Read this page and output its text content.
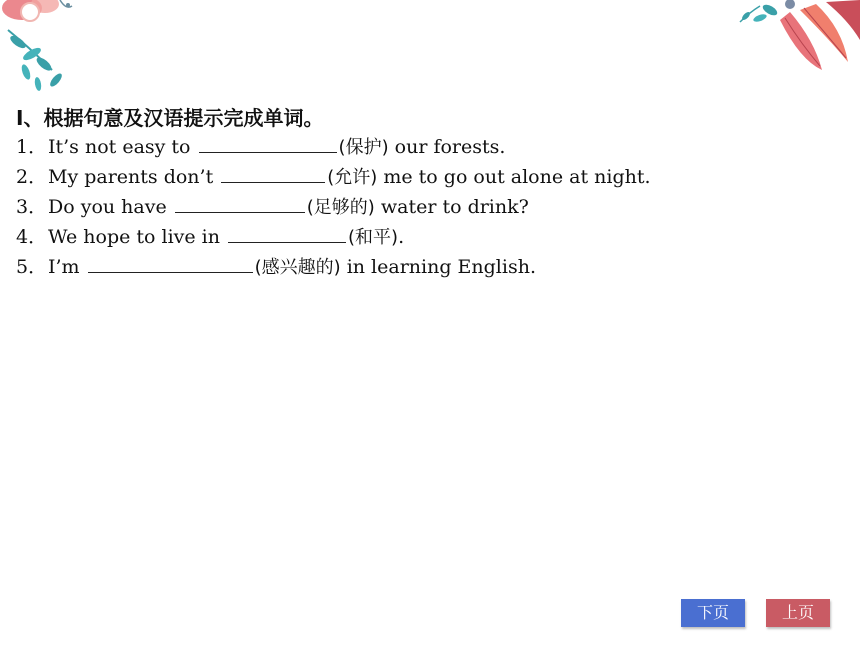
Ⅰ、根据句意及汉语提示完成单词。
1．It’s not easy to	(保护) our forests.
2．My parents don’t	(允许) me to go out alone at night.
3．Do you have	(足够的) water to drink?
4．We hope to live in	(和平).
5．I’m	(感兴趣的) in learning English.
下页	上页
